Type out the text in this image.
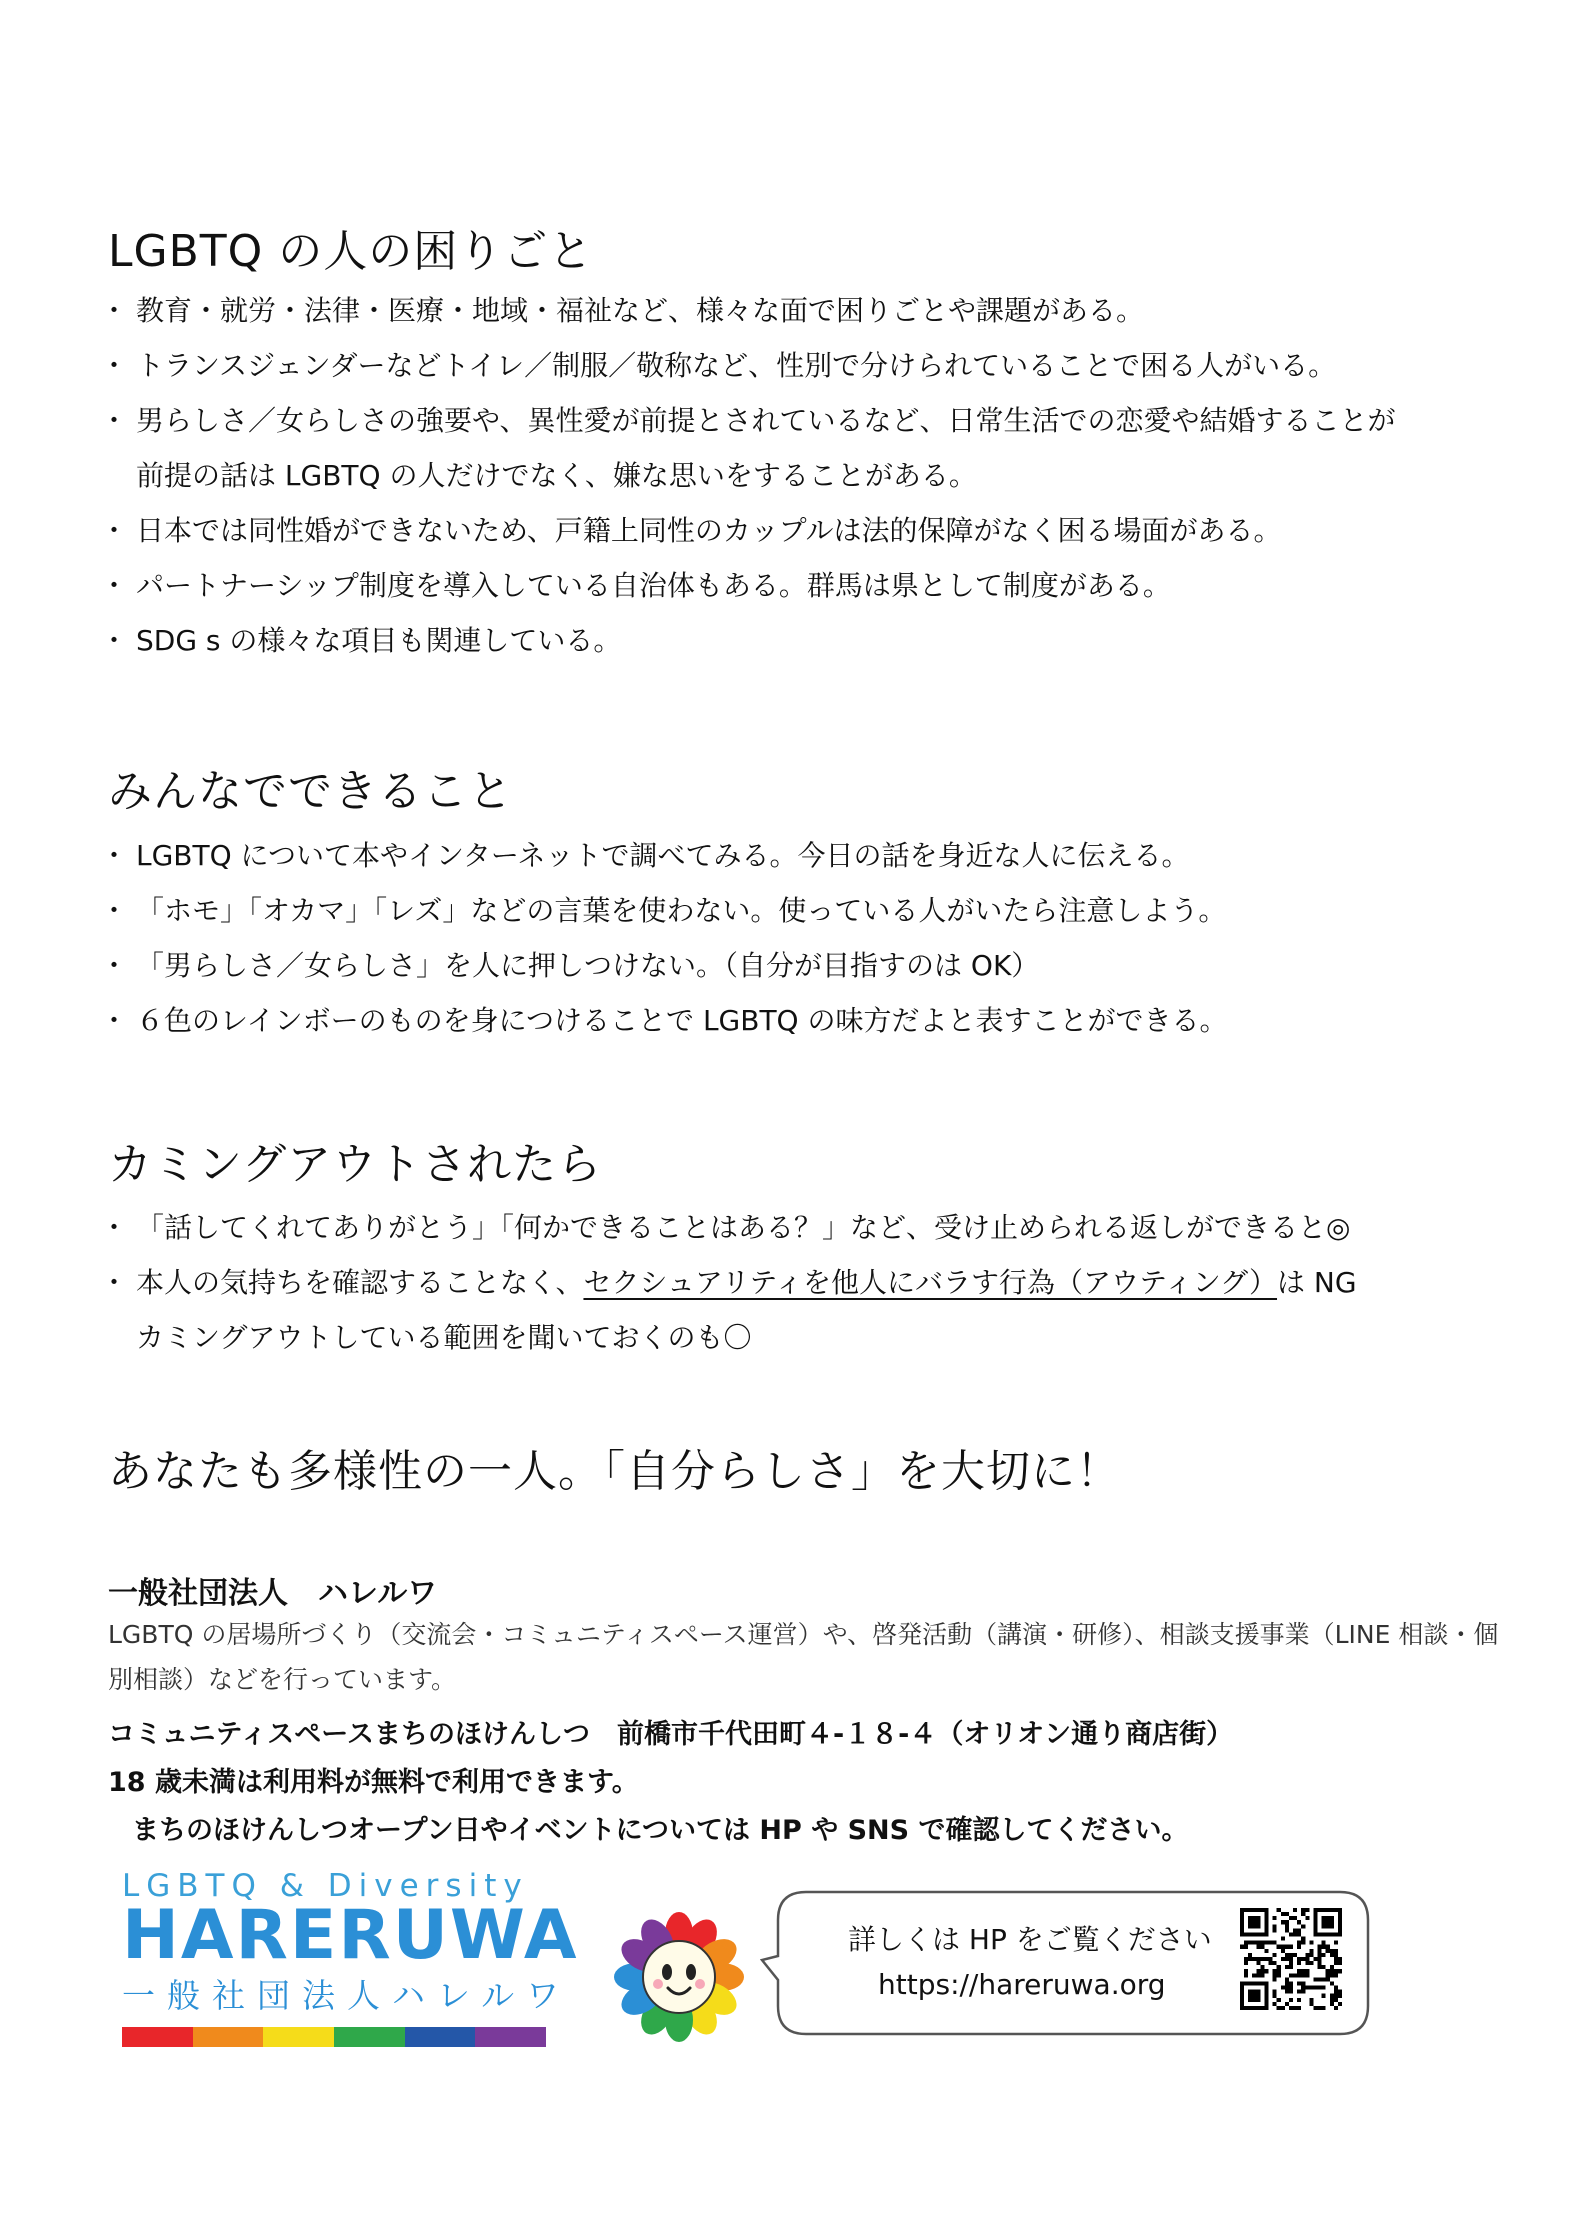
LGBTQ の人の困りごと
・ 教育・就労・法律・医療・地域・福祉など、様々な面で困りごとや課題がある。
・ トランスジェンダーなどトイレ／制服／敬称など、性別で分けられていることで困る人がいる。
・ 男らしさ／女らしさの強要や、異性愛が前提とされているなど、日常生活での恋愛や結婚することが
前提の話は LGBTQ の人だけでなく、嫌な思いをすることがある。
・ 日本では同性婚ができないため、戸籍上同性のカップルは法的保障がなく困る場面がある。
・ パートナーシップ制度を導入している自治体もある。群馬は県として制度がある。
・ SDG s の様々な項目も関連している。
みんなでできること
・ LGBTQ について本やインターネットで調べてみる。今日の話を身近な人に伝える。
・ 「ホモ」「オカマ」「レズ」などの言葉を使わない。使っている人がいたら注意しよう。
・ 「男らしさ／女らしさ」を人に押しつけない。（自分が目指すのは OK）
・ ６色のレインボーのものを身につけることで LGBTQ の味方だよと表すことができる。
カミングアウトされたら
・ 「話してくれてありがとう」「何かできることはある？」など、受け止められる返しができると◎
・ 本人の気持ちを確認することなく、セクシュアリティを他人にバラす行為（アウティング）は NG
カミングアウトしている範囲を聞いておくのも〇
あなたも多様性の一人。「自分らしさ」を大切に！
一般社団法人　ハレルワ
LGBTQ の居場所づくり（交流会・コミュニティスペース運営）や、啓発活動（講演・研修）、相談支援事業（LINE 相談・個別相談）などを行っています。
コミュニティスペースまちのほけんしつ　前橋市千代田町４-１８-４（オリオン通り商店街）
18 歳未満は利用料が無料で利用できます。
まちのほけんしつオープン日やイベントについては HP や SNS で確認してください。
LGBTQ & Diversity
HARERUWA
一般社団法人ハレルワ
詳しくは HP をご覧ください
https://hareruwa.org
